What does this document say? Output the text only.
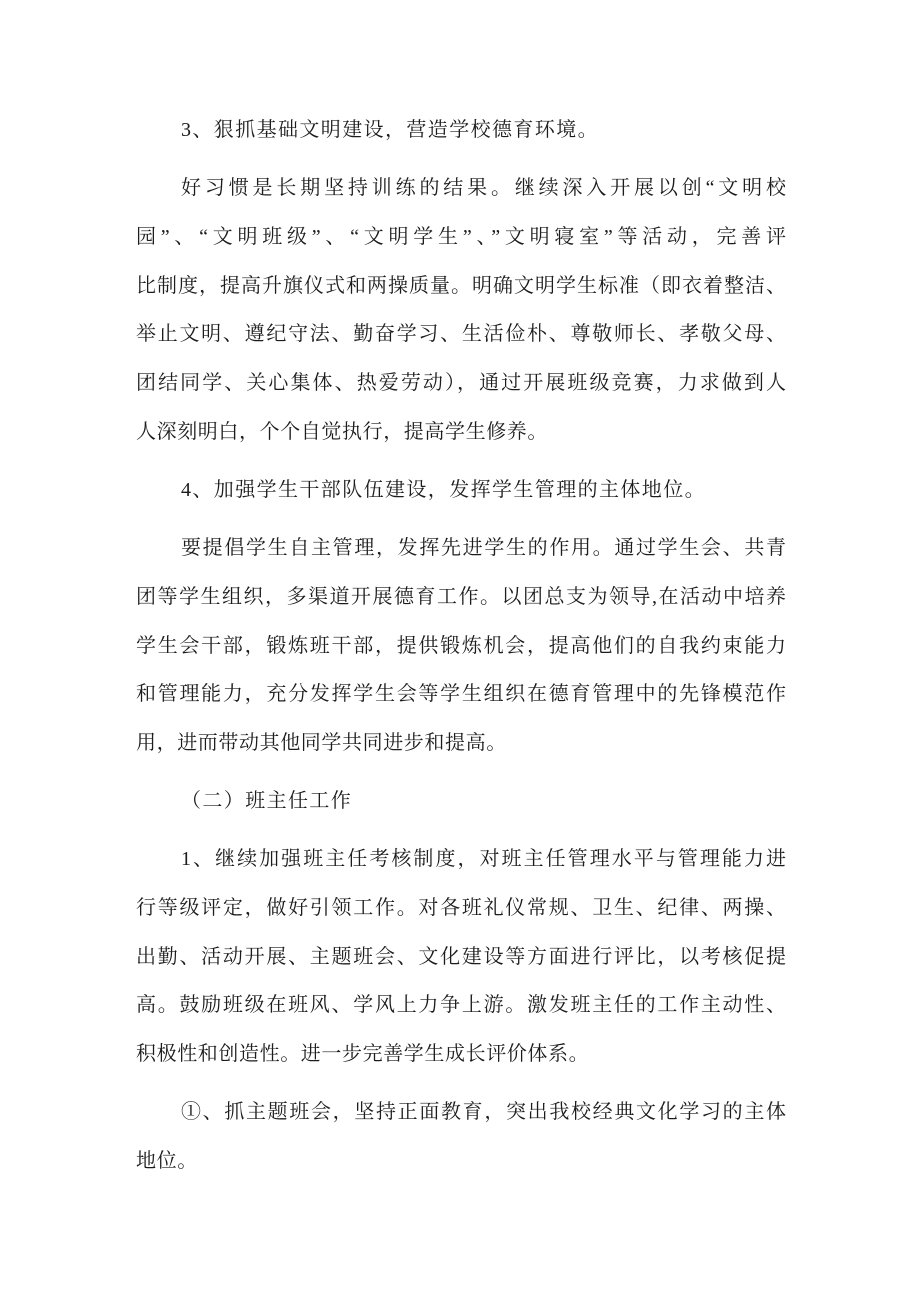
3、狠抓基础文明建设，营造学校德育环境。
好习惯是长期坚持训练的结果。继续深入开展以创“文明校
园”、“文明班级”、“文明学生”、”文明寝室”等活动，完善评
比制度，提高升旗仪式和两操质量。明确文明学生标准（即衣着整洁、
举止文明、遵纪守法、勤奋学习、生活俭朴、尊敬师长、孝敬父母、
团结同学、关心集体、热爱劳动），通过开展班级竞赛，力求做到人
人深刻明白，个个自觉执行，提高学生修养。
4、加强学生干部队伍建设，发挥学生管理的主体地位。
要提倡学生自主管理，发挥先进学生的作用。通过学生会、共青
团等学生组织，多渠道开展德育工作。以团总支为领导,在活动中培养
学生会干部，锻炼班干部，提供锻炼机会，提高他们的自我约束能力
和管理能力，充分发挥学生会等学生组织在德育管理中的先锋模范作
用，进而带动其他同学共同进步和提高。
（二）班主任工作
1、继续加强班主任考核制度，对班主任管理水平与管理能力进
行等级评定，做好引领工作。对各班礼仪常规、卫生、纪律、两操、
出勤、活动开展、主题班会、文化建设等方面进行评比，以考核促提
高。鼓励班级在班风、学风上力争上游。激发班主任的工作主动性、
积极性和创造性。进一步完善学生成长评价体系。
①、抓主题班会，坚持正面教育，突出我校经典文化学习的主体
地位。
